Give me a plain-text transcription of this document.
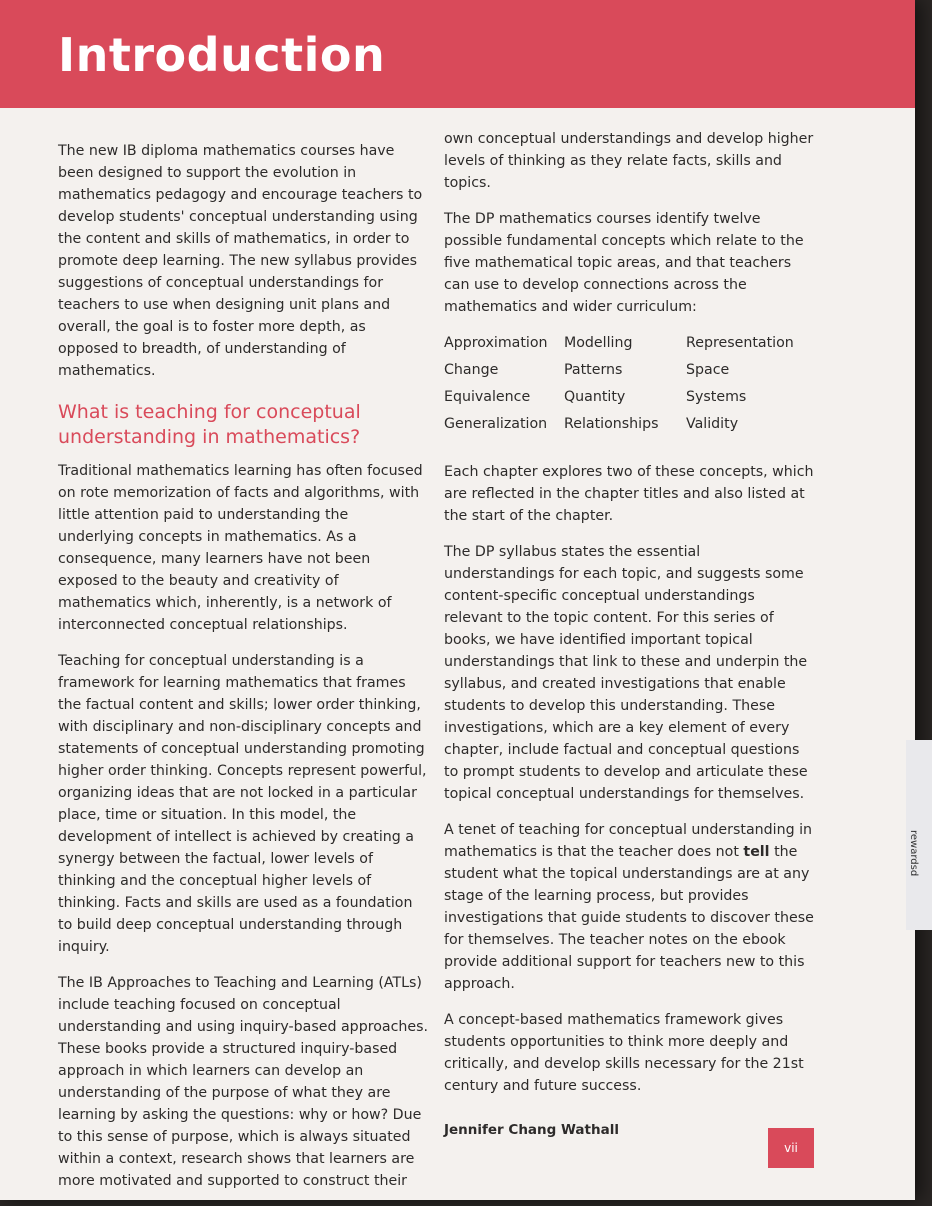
Introduction

The new IB diploma mathematics courses have been designed to support the evolution in mathematics pedagogy and encourage teachers to develop students' conceptual understanding using the content and skills of mathematics, in order to promote deep learning. The new syllabus provides suggestions of conceptual understandings for teachers to use when designing unit plans and overall, the goal is to foster more depth, as opposed to breadth, of understanding of mathematics.

What is teaching for conceptual understanding in mathematics?

Traditional mathematics learning has often focused on rote memorization of facts and algorithms, with little attention paid to understanding the underlying concepts in mathematics. As a consequence, many learners have not been exposed to the beauty and creativity of mathematics which, inherently, is a network of interconnected conceptual relationships.

Teaching for conceptual understanding is a framework for learning mathematics that frames the factual content and skills; lower order thinking, with disciplinary and non-disciplinary concepts and statements of conceptual understanding promoting higher order thinking. Concepts represent powerful, organizing ideas that are not locked in a particular place, time or situation. In this model, the development of intellect is achieved by creating a synergy between the factual, lower levels of thinking and the conceptual higher levels of thinking. Facts and skills are used as a foundation to build deep conceptual understanding through inquiry.

The IB Approaches to Teaching and Learning (ATLs) include teaching focused on conceptual understanding and using inquiry-based approaches. These books provide a structured inquiry-based approach in which learners can develop an understanding of the purpose of what they are learning by asking the questions: why or how? Due to this sense of purpose, which is always situated within a context, research shows that learners are more motivated and supported to construct their

own conceptual understandings and develop higher levels of thinking as they relate facts, skills and topics.

The DP mathematics courses identify twelve possible fundamental concepts which relate to the five mathematical topic areas, and that teachers can use to develop connections across the mathematics and wider curriculum:

Approximation	Modelling	Representation
Change	Patterns	Space
Equivalence	Quantity	Systems
Generalization	Relationships	Validity

Each chapter explores two of these concepts, which are reflected in the chapter titles and also listed at the start of the chapter.

The DP syllabus states the essential understandings for each topic, and suggests some content-specific conceptual understandings relevant to the topic content. For this series of books, we have identified important topical understandings that link to these and underpin the syllabus, and created investigations that enable students to develop this understanding. These investigations, which are a key element of every chapter, include factual and conceptual questions to prompt students to develop and articulate these topical conceptual understandings for themselves.

A tenet of teaching for conceptual understanding in mathematics is that the teacher does not tell the student what the topical understandings are at any stage of the learning process, but provides investigations that guide students to discover these for themselves. The teacher notes on the ebook provide additional support for teachers new to this approach.

A concept-based mathematics framework gives students opportunities to think more deeply and critically, and develop skills necessary for the 21st century and future success.

Jennifer Chang Wathall
vii
rewardsd
